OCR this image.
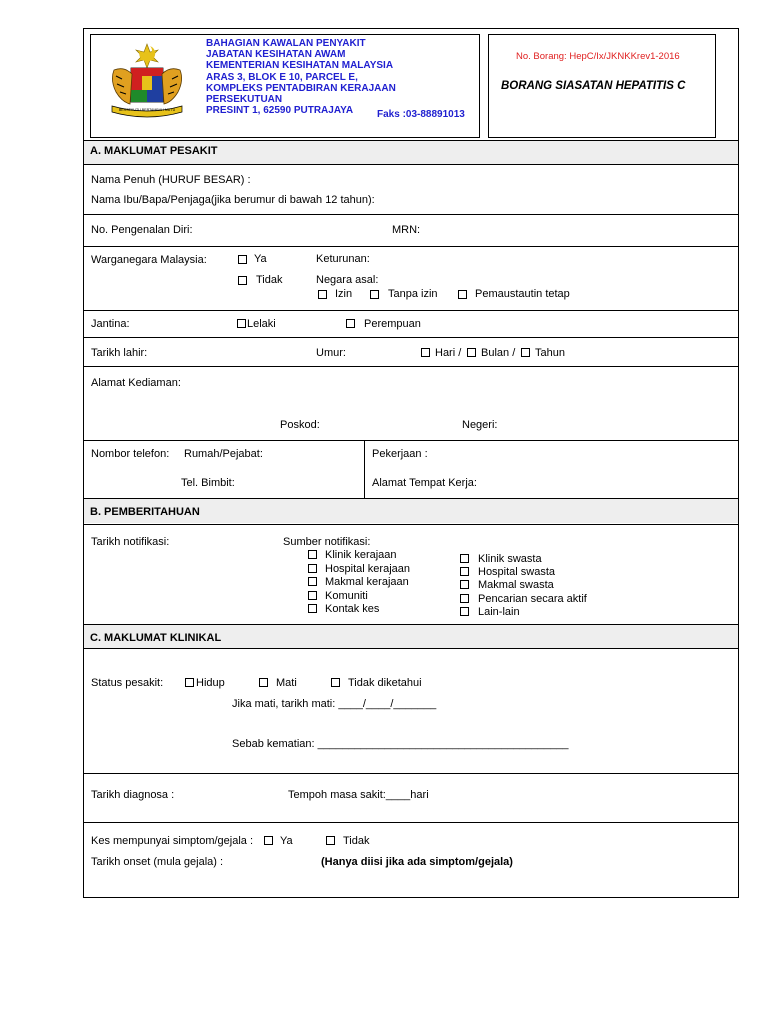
BERSEKUTU BERTAMBAH MUTU
BAHAGIAN KAWALAN PENYAKIT
JABATAN KESIHATAN AWAM
KEMENTERIAN KESIHATAN MALAYSIA
ARAS 3, BLOK E 10, PARCEL E,
KOMPLEKS PENTADBIRAN KERAJAAN
PERSEKUTUAN
PRESINT 1, 62590 PUTRAJAYA	Faks :03-88891013
No. Borang: HepC/Ix/JKNKKrev1-2016
BORANG SIASATAN HEPATITIS C
A. MAKLUMAT PESAKIT
Nama Penuh (HURUF BESAR) :
Nama Ibu/Bapa/Penjaga(jika berumur di bawah 12 tahun):
No. Pengenalan Diri:	MRN:
Warganegara Malaysia:	Ya	Keturunan:
Tidak	Negara asal:
Izin	Tanpa izin	Pemaustautin tetap
Jantina:	Lelaki	Perempuan
Tarikh lahir:	Umur:	Hari / Bulan / Tahun
Alamat Kediaman:
Poskod:	Negeri:
Nombor telefon: Rumah/Pejabat:
Tel. Bimbit:
Pekerjaan :
Alamat Tempat Kerja:
B. PEMBERITAHUAN
Tarikh notifikasi:	Sumber notifikasi:
Klinik kerajaan
Hospital kerajaan
Makmal kerajaan
Komuniti
Kontak kes
Klinik swasta
Hospital swasta
Makmal swasta
Pencarian secara aktif
Lain-lain
C. MAKLUMAT KLINIKAL
Status pesakit:	Hidup	Mati	Tidak diketahui
Jika mati, tarikh mati: ____/____/_______
Sebab kematian: _________________________________________
Tarikh diagnosa :	Tempoh masa sakit:____hari
Kes mempunyai simptom/gejala : Ya	Tidak
Tarikh onset (mula gejala) :	(Hanya diisi jika ada simptom/gejala)
